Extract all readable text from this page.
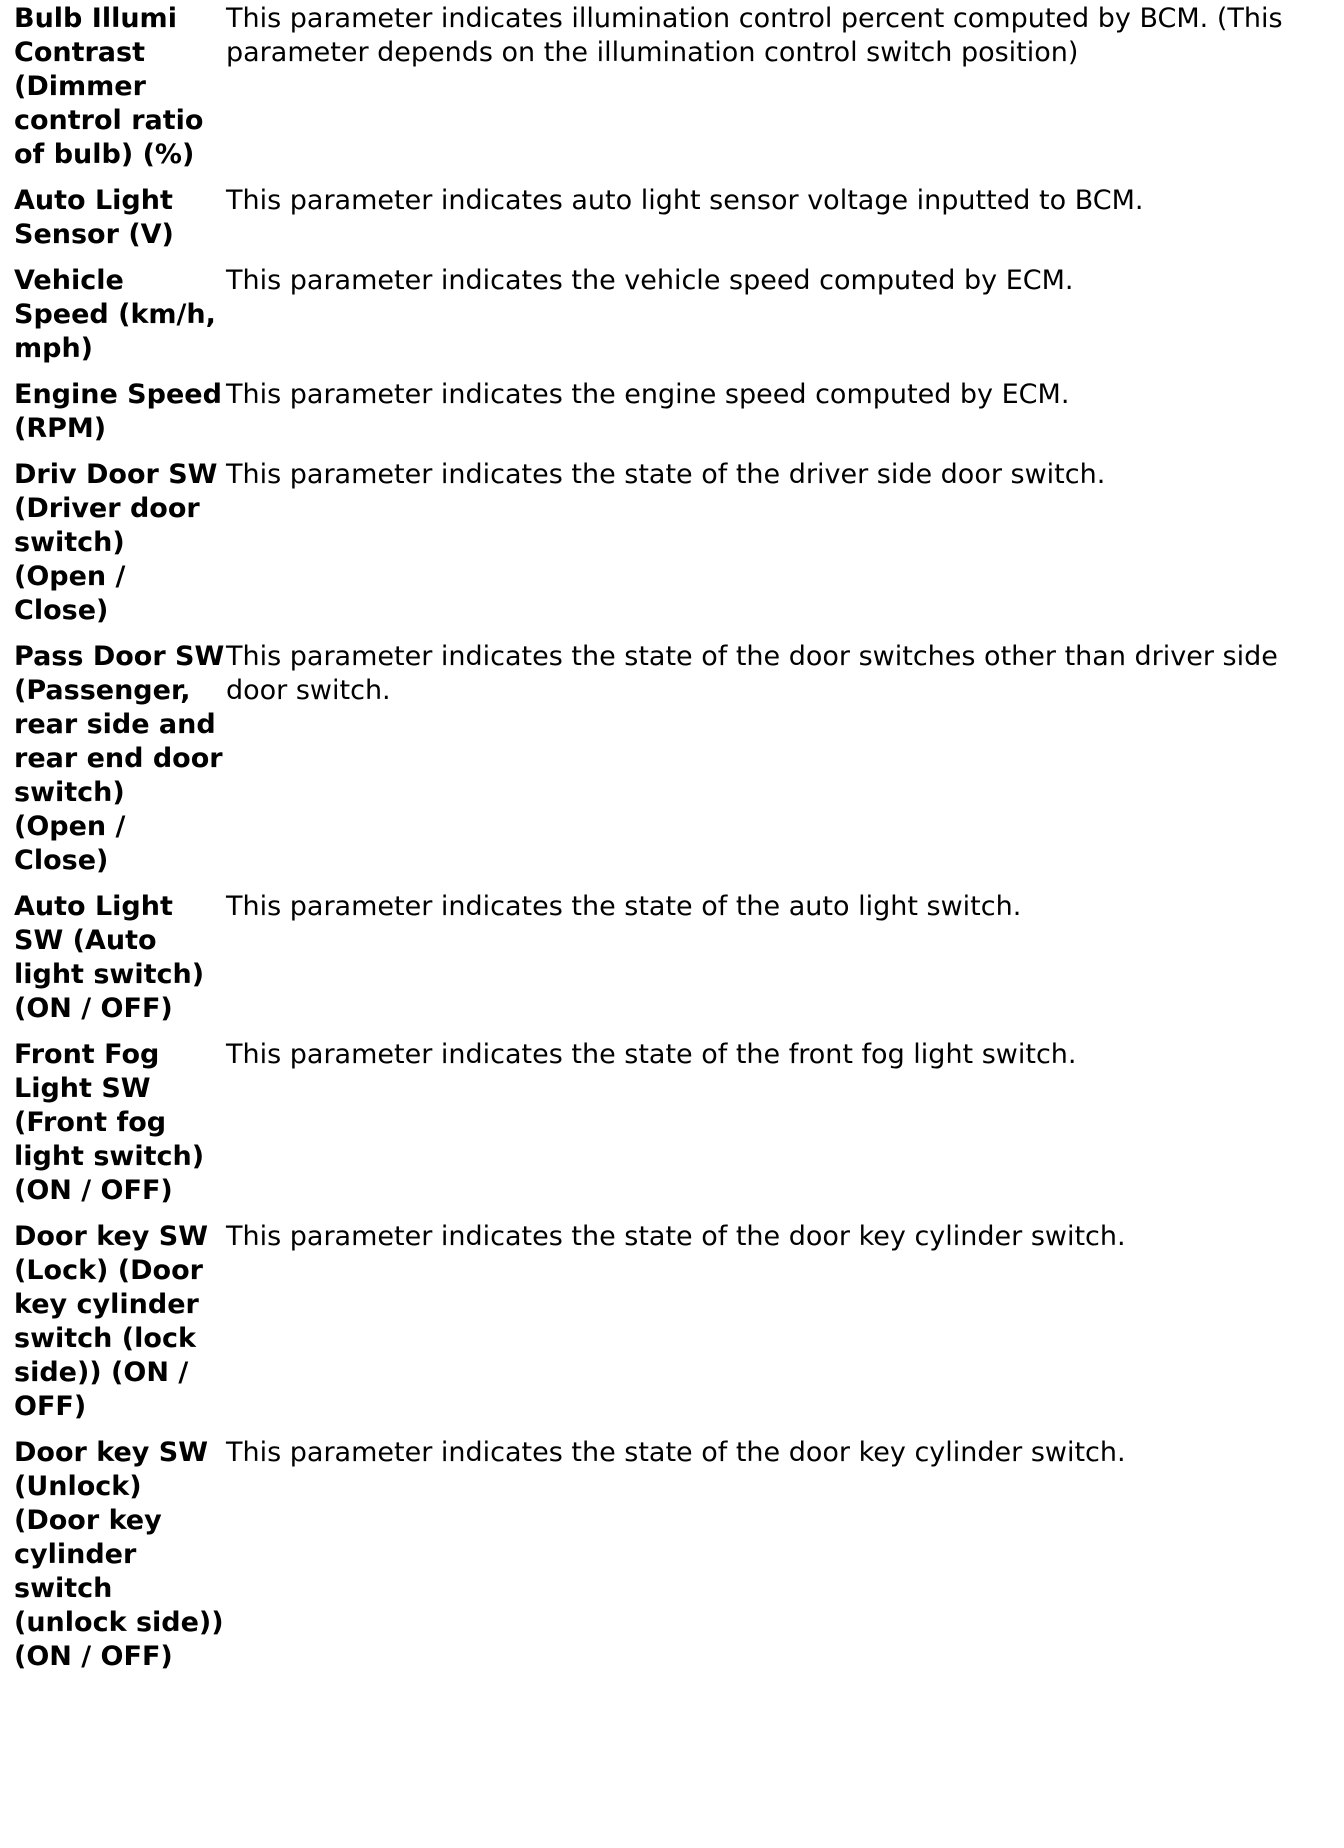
Bulb Illumi Contrast (Dimmer control ratio of bulb) (%)	This parameter indicates illumination control percent computed by BCM. (This parameter depends on the illumination control switch position)
Auto Light Sensor (V)	This parameter indicates auto light sensor voltage inputted to BCM.
Vehicle Speed (km/h, mph)	This parameter indicates the vehicle speed computed by ECM.
Engine Speed (RPM)	This parameter indicates the engine speed computed by ECM.
Driv Door SW (Driver door switch) (Open / Close)	This parameter indicates the state of the driver side door switch.
Pass Door SW (Passenger, rear side and rear end door switch) (Open / Close)	This parameter indicates the state of the door switches other than driver side door switch.
Auto Light SW (Auto light switch) (ON / OFF)	This parameter indicates the state of the auto light switch.
Front Fog Light SW (Front fog light switch) (ON / OFF)	This parameter indicates the state of the front fog light switch.
Door key SW (Lock) (Door key cylinder switch (lock side)) (ON / OFF)	This parameter indicates the state of the door key cylinder switch.
Door key SW (Unlock) (Door key cylinder switch (unlock side)) (ON / OFF)	This parameter indicates the state of the door key cylinder switch.
